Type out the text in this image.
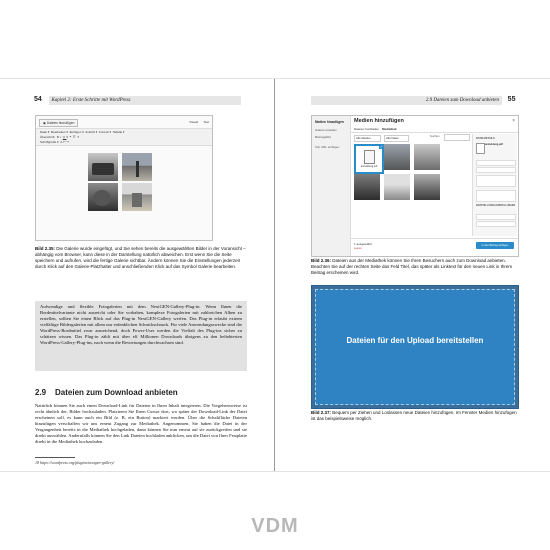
54 Kapitel 2: Erste Schritte mit WordPress
▣ Dateien hinzufügen	Visuell Text
Datei ▾  Bearbeiten ▾  Einfügen ▾  Ansicht ▾  Format ▾  Tabelle ▾
Überschrift BIU≡❝☰⚭
Schriftgröße ▾  A ↶ ↷
Bild 2.35: Die Galerie wurde eingefügt, und Sie sehen bereits die ausgewählten Bilder in der Voransicht – abhängig vom Browser, kann diese in der Darstellung natürlich abweichen. Erst wenn Sie die Seite speichern und aufrufen, wird die fertige Galerie sichtbar. Ändern können Sie die Einstellungen jederzeit durch Klick auf den Galerie-Platzhalter und anschließenden Klick auf das Symbol Galerie bearbeiten.
Aufwendige und flexible Fotogalerien mit dem NextGEN-Gallery-Plug-in. Wenn Ihnen die Bordmittelvariante nicht ausreicht oder Sie vorhaben, komplexe Fotogalerien mit zahlreichen Alben zu erstellen, sollten Sie einen Blick auf das Plug-in NextGEN-Gallery werfen. Das Plug-in erlaubt extrem vielfältige Bildergalerien mit allem nur erdenklichen Schnickschnack. Für viele Anwendungszwecke sind die WordPress-Bordmittel zwar ausreichend, doch Power-User werden die Vielfalt des Plug-ins sicher zu schätzen wissen. Das Plug-in zählt mit über elf Millionen Downloads übrigens zu den beliebtesten WordPress-Gallery-Plug-ins, nach wenn die Bewertungen durchwachsen sind.
2.9 Dateien zum Download anbieten
Natürlich können Sie auch einen Download-Link für Dateien in Ihren Inhalt integrieren. Die Vorgehensweise ist recht ähnlich der, Bilder hochzuladen. Platzieren Sie Ihren Cursor dort, wo später der Download-Link der Datei erscheinen soll, es kann auch ein Bild (z. B. ein Button) markiert werden. Über die Schaltfläche Dateien hinzufügen verschaffen wir uns erneut Zugang zur Mediathek. Angenommen, Sie haben die Datei in der Vergangenheit bereits in die Mediathek hochgeladen, dann können Sie nun erneut auf sie zurückgreifen und sie direkt auswählen. Andernfalls können Sie den Link Dateien hochladen anklicken, um die Datei von Ihrer Festplatte direkt in die Mediathek hochzuladen.
18 https://wordpress.org/plugins/nextgen-gallery/
2.9 Dateien zum Download anbieten 55
Medien hinzufügen
Galerie erstellen
Beitragsbild
Von URL einfügen
Medien hinzufügen	×
Dateien hochladen Mediathek
Alle Medien	Alle Daten	Suchen
anmeldung.pdf
✓
DATEI-DETAILS
anmeldung.pdf
DARSTELLUNGS-EINSTELLUNGEN
1 ausgewählt
Leeren
In den Beitrag einfügen
Bild 2.36: Dateien aus der Mediathek können Sie Ihren Besuchern auch zum Download anbieten. Beachten Sie auf der rechten Seite das Feld Titel, das später als Linktext für den neuen Link in Ihrem Beitrag erscheinen wird.
Dateien für den Upload bereitstellen
Bild 2.37: Bequem per Ziehen und Loslassen neue Dateien hinzufügen. Im Fenster Medien hinzufügen ist das beispielsweise möglich.
VDM
